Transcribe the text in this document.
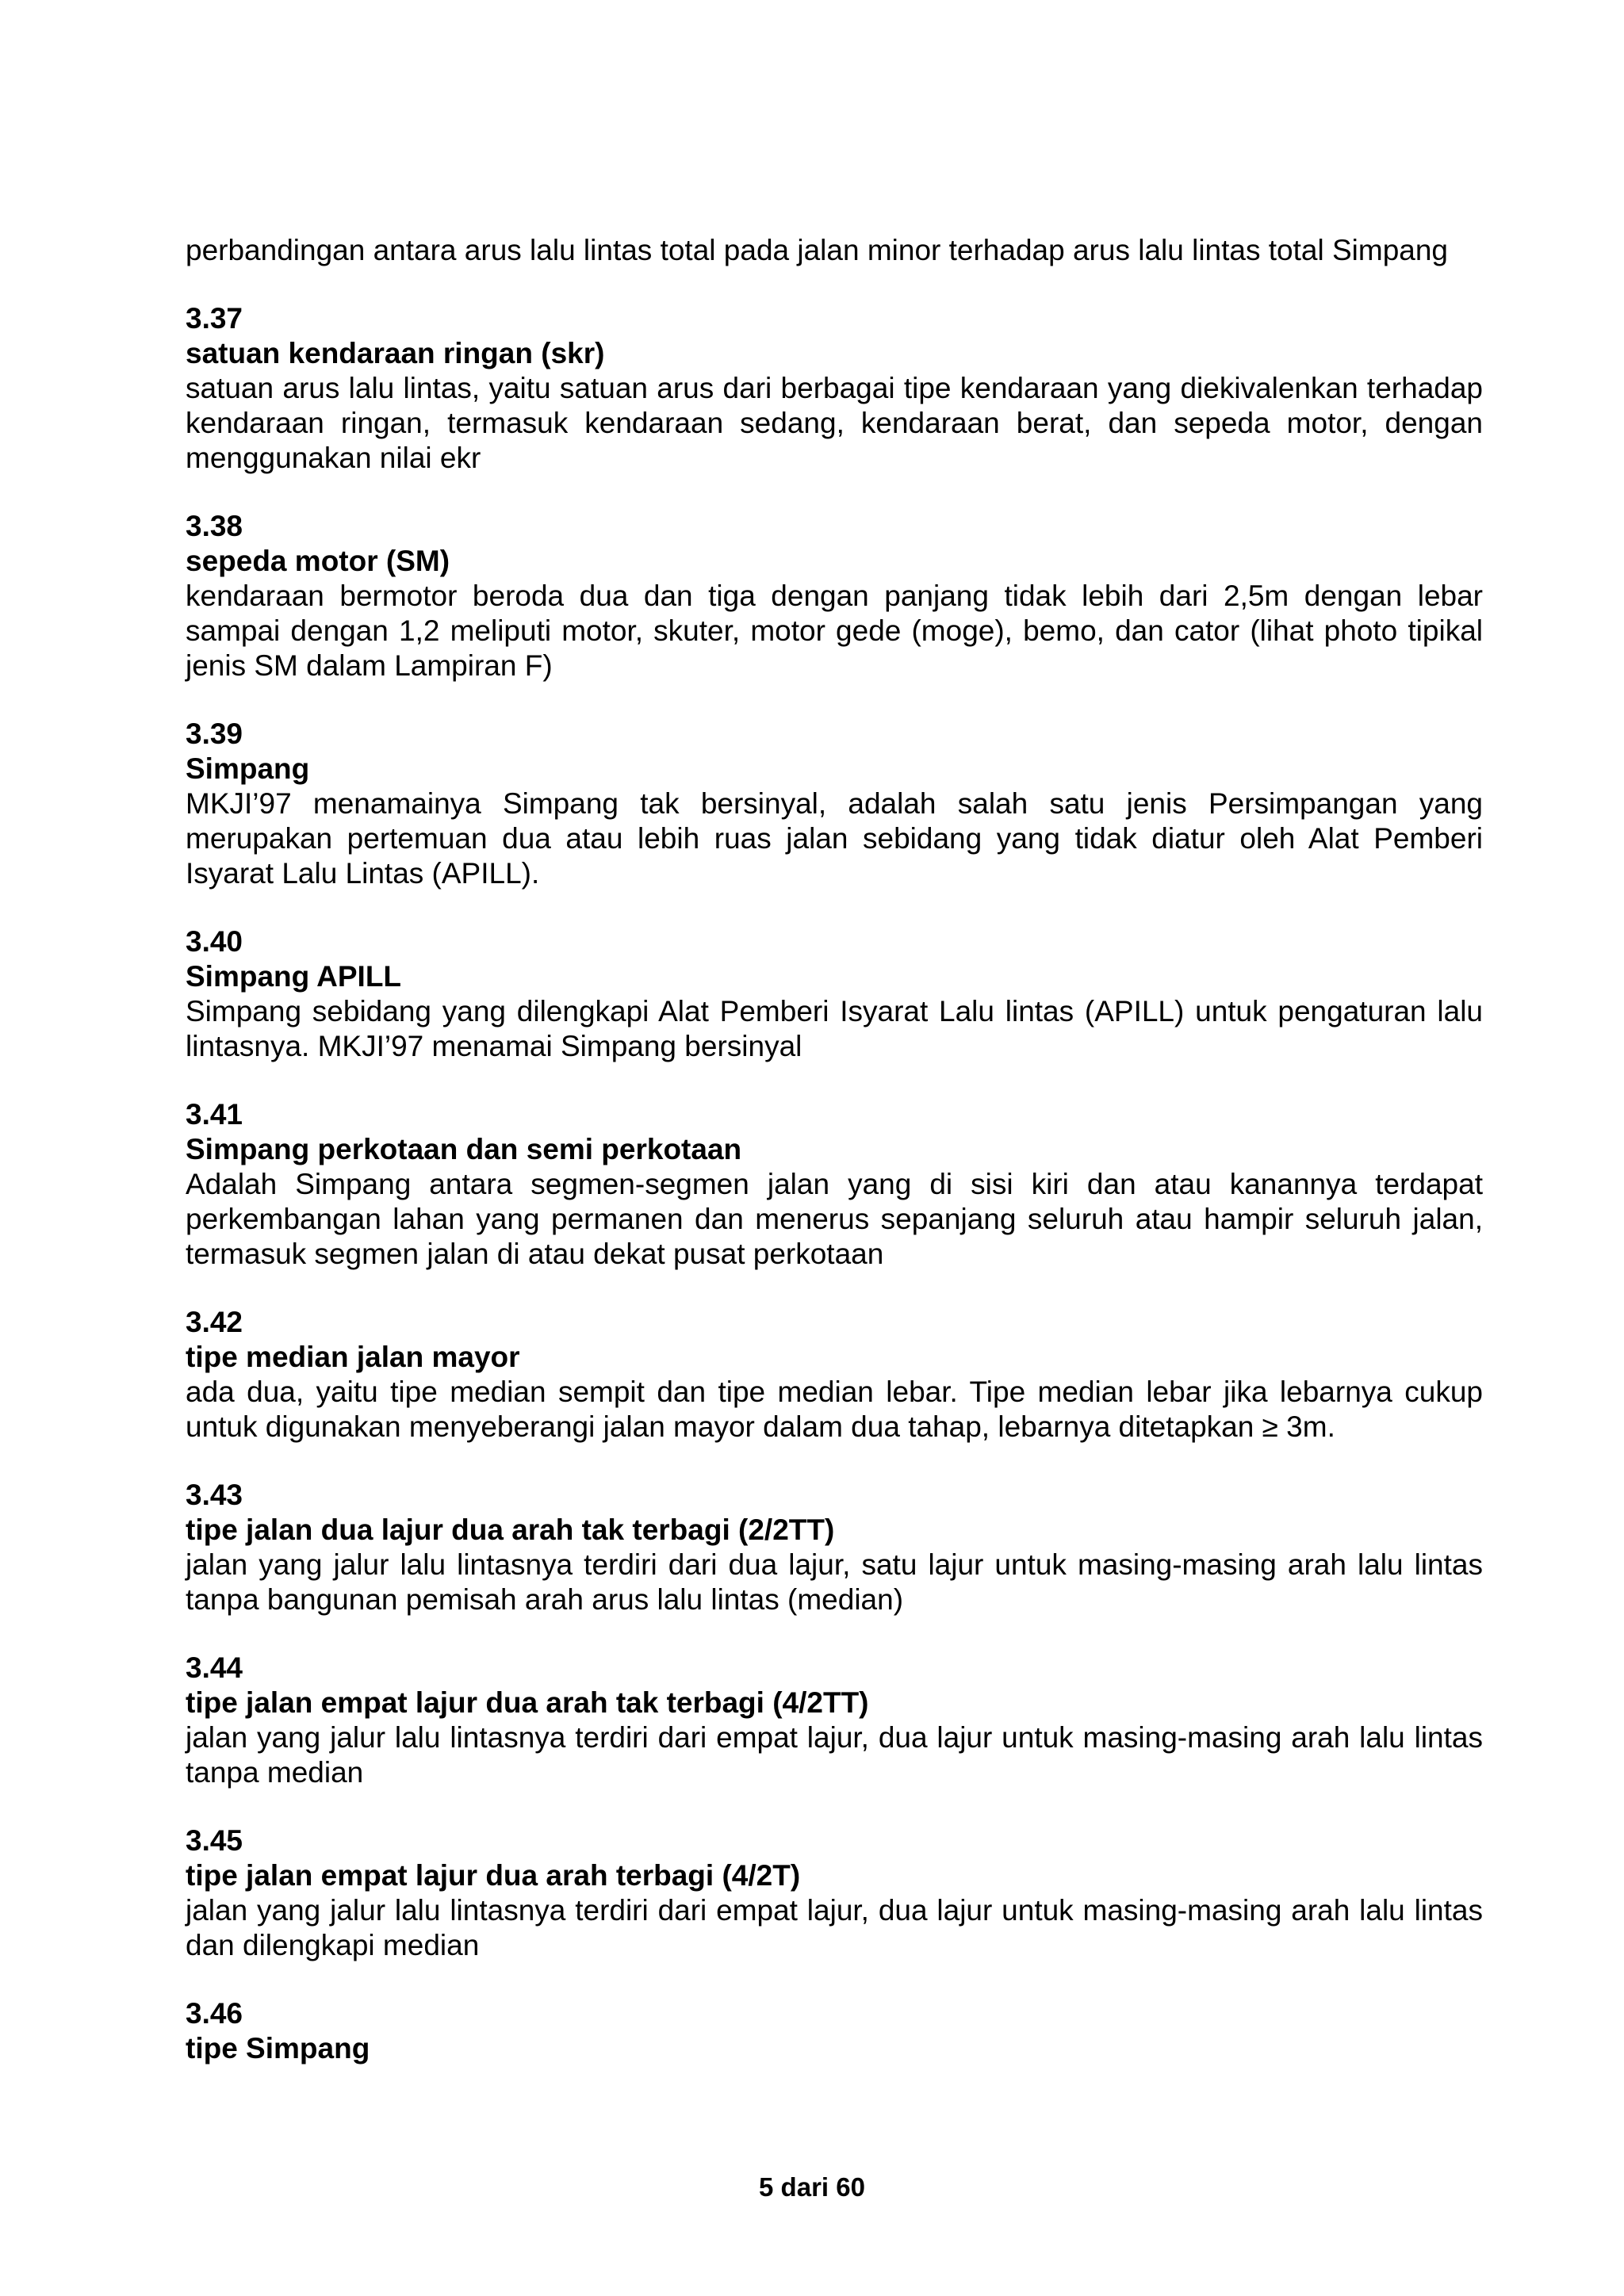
perbandingan antara arus lalu lintas total pada jalan minor terhadap arus lalu lintas total Simpang

3.37

satuan kendaraan ringan (skr)

satuan arus lalu lintas, yaitu satuan arus dari berbagai tipe kendaraan yang diekivalenkan terhadap kendaraan ringan, termasuk kendaraan sedang, kendaraan berat, dan sepeda motor, dengan menggunakan nilai ekr

3.38

sepeda motor (SM)

kendaraan bermotor beroda dua dan tiga dengan panjang tidak lebih dari 2,5m dengan lebar sampai dengan 1,2 meliputi motor, skuter, motor gede (moge), bemo, dan cator (lihat photo tipikal jenis SM dalam Lampiran F)

3.39

Simpang

MKJI’97 menamainya Simpang tak bersinyal, adalah salah satu jenis Persimpangan yang merupakan pertemuan dua atau lebih ruas jalan sebidang yang tidak diatur oleh Alat Pemberi Isyarat Lalu Lintas (APILL).

3.40

Simpang APILL

Simpang sebidang yang dilengkapi Alat Pemberi Isyarat Lalu lintas (APILL) untuk pengaturan lalu lintasnya. MKJI’97 menamai Simpang bersinyal

3.41

Simpang perkotaan dan semi perkotaan

Adalah Simpang antara segmen-segmen jalan yang di sisi kiri dan atau kanannya terdapat perkembangan lahan yang permanen dan menerus sepanjang seluruh atau hampir seluruh jalan, termasuk segmen jalan di atau dekat pusat perkotaan

3.42

tipe median jalan mayor

ada dua, yaitu tipe median sempit dan tipe median lebar. Tipe median lebar jika lebarnya cukup untuk digunakan menyeberangi jalan mayor dalam dua tahap, lebarnya ditetapkan ≥ 3m.

3.43

tipe jalan dua lajur dua arah tak terbagi (2/2TT)

jalan yang jalur lalu lintasnya terdiri dari dua lajur, satu lajur untuk masing-masing arah lalu lintas tanpa bangunan pemisah arah arus lalu lintas (median)

3.44

tipe jalan empat lajur dua arah tak terbagi (4/2TT)

jalan yang jalur lalu lintasnya terdiri dari empat lajur, dua lajur untuk masing-masing arah lalu lintas tanpa median

3.45

tipe jalan empat lajur dua arah terbagi (4/2T)

jalan yang jalur lalu lintasnya terdiri dari empat lajur, dua lajur untuk masing-masing arah lalu lintas dan dilengkapi median

3.46

tipe Simpang

5 dari 60
